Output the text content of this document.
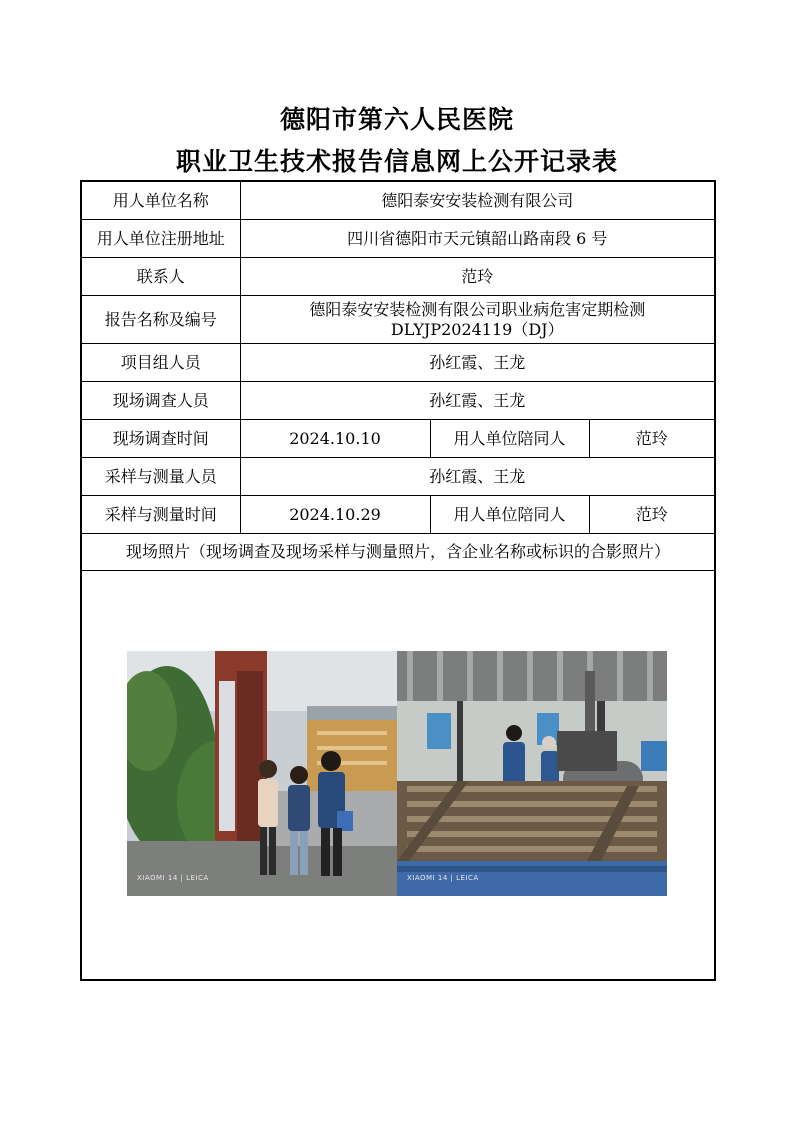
德阳市第六人民医院
职业卫生技术报告信息网上公开记录表
用人单位名称	德阳泰安安装检测有限公司		
用人单位注册地址	四川省德阳市天元镇韶山路南段 6 号		
联系人	范玲		
报告名称及编号	德阳泰安安装检测有限公司职业病危害定期检测
DLYJP2024119（DJ）		

项目组人员	孙红霞、王龙		
现场调查人员	孙红霞、王龙		
现场调查时间	2024.10.10	用人单位陪同人	范玲
采样与测量人员	孙红霞、王龙		
采样与测量时间	2024.10.29	用人单位陪同人	范玲
现场照片（现场调查及现场采样与测量照片，含企业名称或标识的合影照片）			

XIAOMI 14 | LEICA XIAOMI 14 | LEICA			
